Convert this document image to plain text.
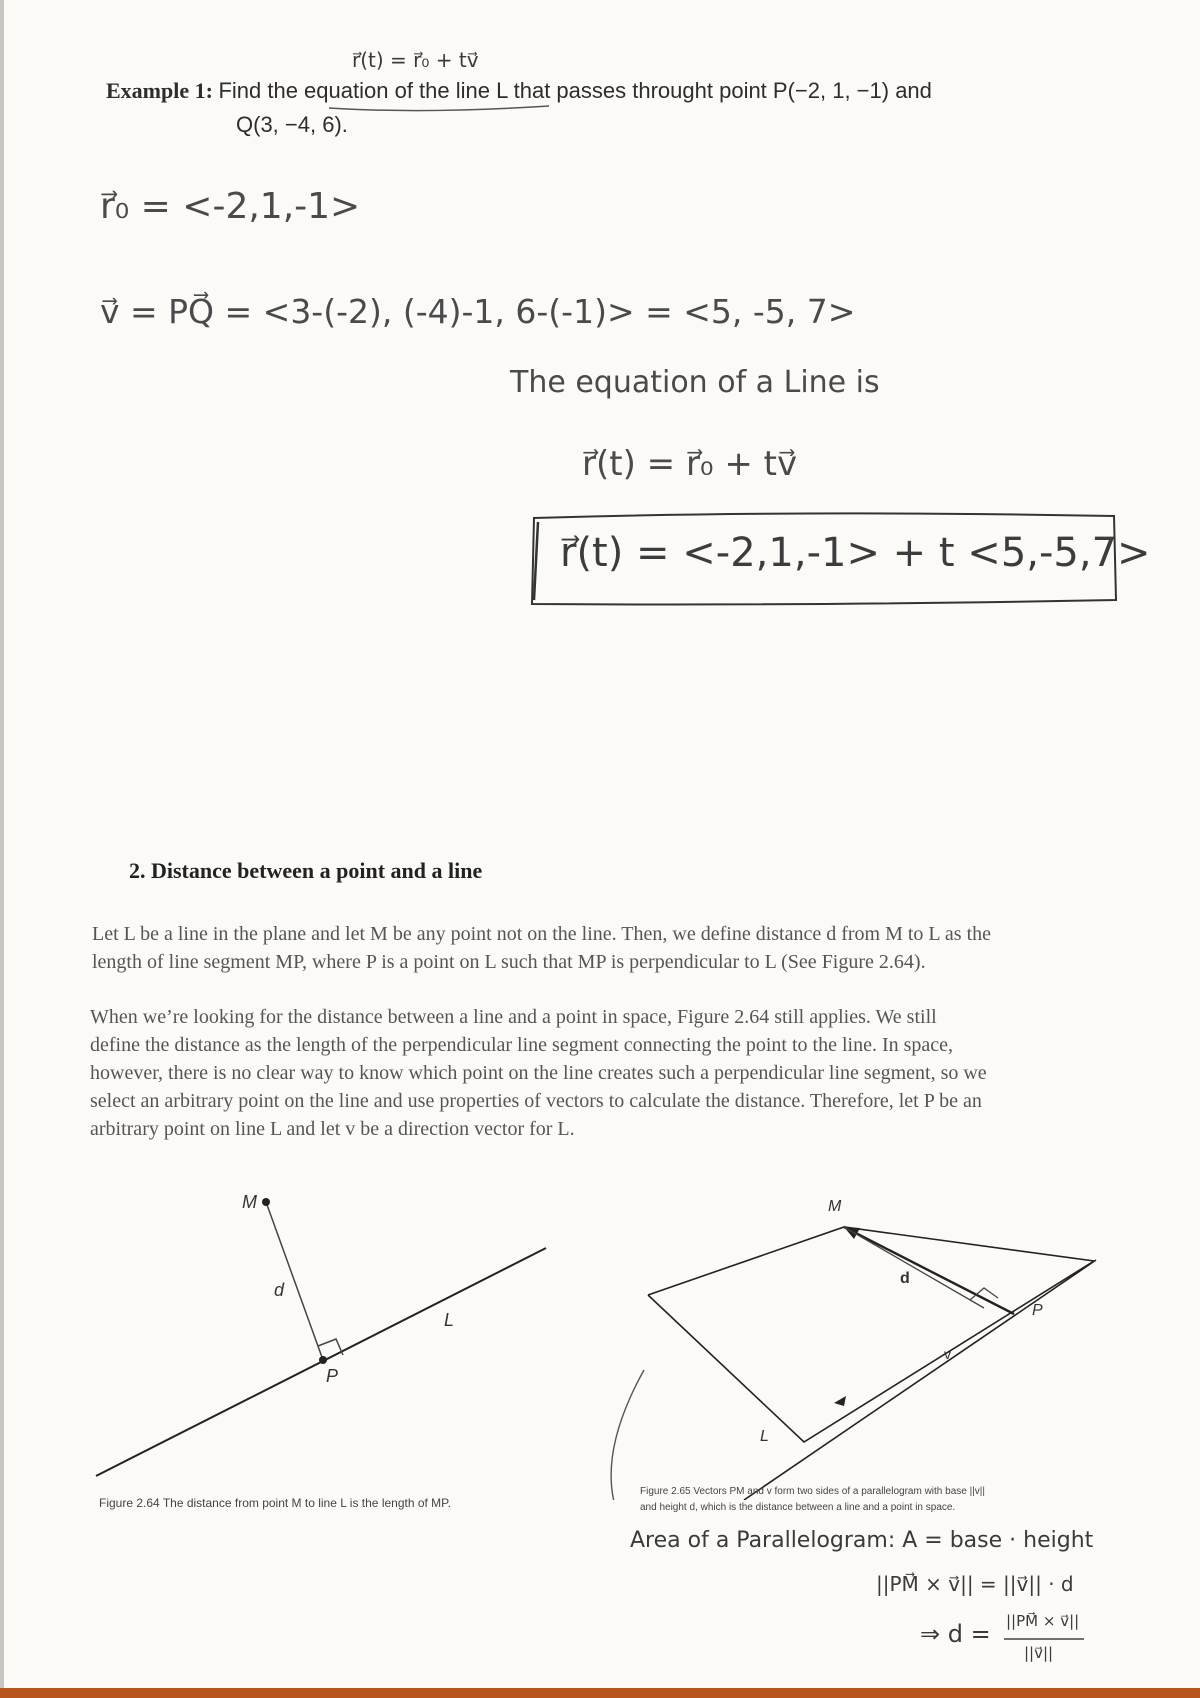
r⃗(t) = r⃗₀ + tv⃗
Example 1: Find the equation of the line L that passes throught point P(−2, 1, −1) and
Q(3, −4, 6).
r⃗₀ = <-2,1,-1>
v⃗ = PQ⃗ = <3-(-2), (-4)-1, 6-(-1)> = <5, -5, 7>
The equation of a Line is
r⃗(t) = r⃗₀ + tv⃗
r⃗(t) = <-2,1,-1> + t <5,-5,7>
2. Distance between a point and a line
Let L be a line in the plane and let M be any point not on the line. Then, we define distance d from M to L as the
length of line segment MP, where P is a point on L such that MP is perpendicular to L (See Figure 2.64).
When we’re looking for the distance between a line and a point in space, Figure 2.64 still applies. We still
define the distance as the length of the perpendicular line segment connecting the point to the line. In space,
however, there is no clear way to know which point on the line creates such a perpendicular line segment, so we
select an arbitrary point on the line and use properties of vectors to calculate the distance. Therefore, let P be an
arbitrary point on line L and let v be a direction vector for L.
M
d
L
P
Figure 2.64 The distance from point M to line L is the length of MP.
M
d
P
v
L
Figure 2.65 Vectors PM and v form two sides of a parallelogram with base ||v||
and height d, which is the distance between a line and a point in space.
Area of a Parallelogram: A = base · height
||PM⃗ × v⃗|| = ||v⃗|| · d
⇒ d = ||PM⃗ × v⃗||
||v⃗||
